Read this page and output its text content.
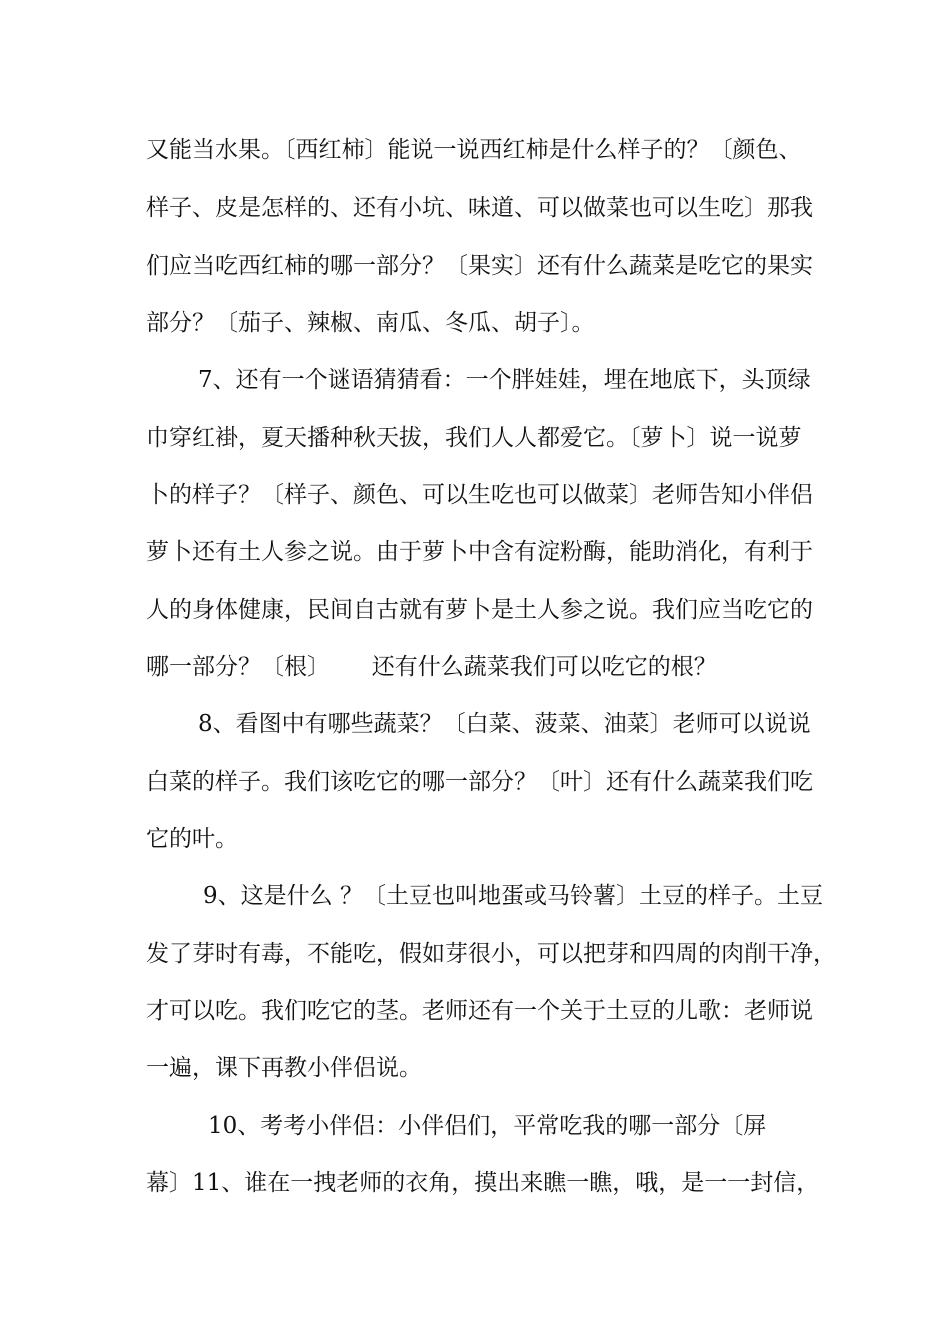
又能当水果。〔西红柿〕能说一说西红柿是什么样子的？〔颜色、

样子、皮是怎样的、还有小坑、味道、可以做菜也可以生吃〕那我

们应当吃西红柿的哪一部分？〔果实〕还有什么蔬菜是吃它的果实

部分？〔茄子、辣椒、南瓜、冬瓜、胡子〕。

7、还有一个谜语猜猜看：一个胖娃娃，埋在地底下，头顶绿

巾穿红褂，夏天播种秋天拔，我们人人都爱它。〔萝卜〕说一说萝

卜的样子？〔样子、颜色、可以生吃也可以做菜〕老师告知小伴侣

萝卜还有土人参之说。由于萝卜中含有淀粉酶，能助消化，有利于

人的身体健康，民间自古就有萝卜是土人参之说。我们应当吃它的

哪一部分？〔根〕　　 还有什么蔬菜我们可以吃它的根？

8、看图中有哪些蔬菜？〔白菜、菠菜、油菜〕老师可以说说

白菜的样子。我们该吃它的哪一部分？〔叶〕还有什么蔬菜我们吃

它的叶。

9、这是什么 ？〔土豆也叫地蛋或马铃薯〕土豆的样子。土豆

发了芽时有毒，不能吃，假如芽很小，可以把芽和四周的肉削干净，

才可以吃。我们吃它的茎。老师还有一个关于土豆的儿歌：老师说

一遍，课下再教小伴侣说。

10、考考小伴侣：小伴侣们，平常吃我的哪一部分〔屏

幕〕11、谁在一拽老师的衣角，摸出来瞧一瞧，哦，是一一封信，
